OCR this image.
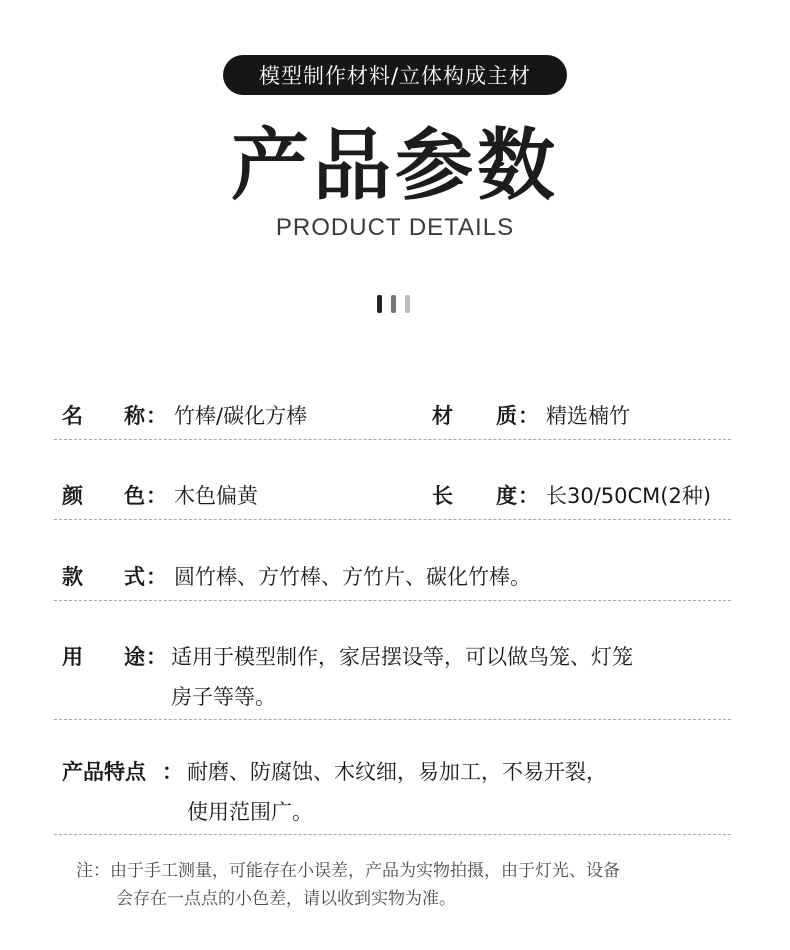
模型制作材料/立体构成主材
产品参数
PRODUCT DETAILS
名 称 ： 竹棒/碳化方棒	材 质 ： 精选楠竹
颜 色 ： 木色偏黄	长 度 ： 长30/50CM(2种)
款 式 ： 圆竹棒、方竹棒、方竹片、碳化竹棒。
用 途 ： 适用于模型制作，家居摆设等，可以做鸟笼、灯笼
房子等等。
产品特点 ： 耐磨、防腐蚀、木纹细，易加工，不易开裂，
使用范围广。
注：由于手工测量，可能存在小误差，产品为实物拍摄，由于灯光、设备
会存在一点点的小色差，请以收到实物为准。
